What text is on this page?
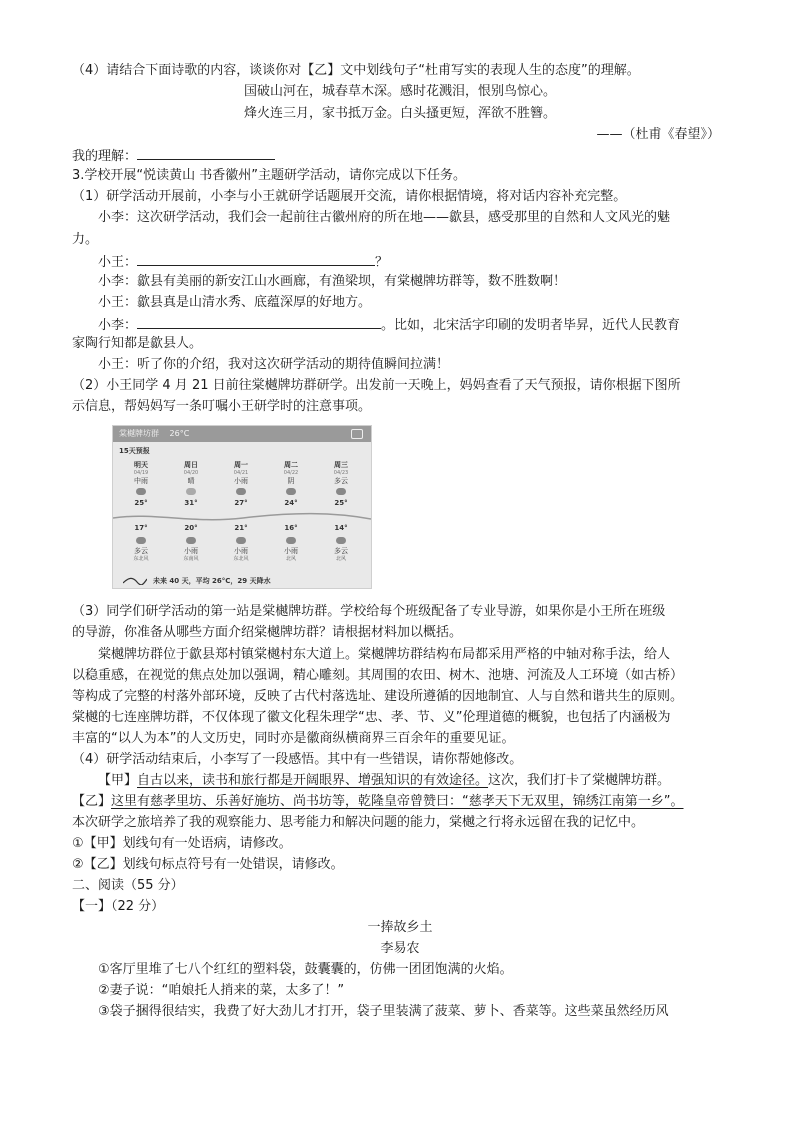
（4）请结合下面诗歌的内容，谈谈你对【乙】文中划线句子“杜甫写实的表现人生的态度”的理解。
国破山河在，城春草木深。感时花溅泪，恨别鸟惊心。
烽火连三月，家书抵万金。白头搔更短，浑欲不胜簪。
——（杜甫《春望》）
我的理解：
3.学校开展“悦读黄山 书香徽州”主题研学活动，请你完成以下任务。
（1）研学活动开展前，小李与小王就研学话题展开交流，请你根据情境，将对话内容补充完整。
小李：这次研学活动，我们会一起前往古徽州府的所在地——歙县，感受那里的自然和人文风光的魅
力。
小王：	？
小李：歙县有美丽的新安江山水画廊，有渔梁坝，有棠樾牌坊群等，数不胜数啊！
小王：歙县真是山清水秀、底蕴深厚的好地方。
小李：	。比如，北宋活字印刷的发明者毕昇，近代人民教育
家陶行知都是歙县人。
小王：听了你的介绍，我对这次研学活动的期待值瞬间拉满！
（2）小王同学 4 月 21 日前往棠樾牌坊群研学。出发前一天晚上，妈妈查看了天气预报，请你根据下图所
示信息，帮妈妈写一条叮嘱小王研学时的注意事项。
棠樾牌坊群 26°C
15天预报
明天
04/19
中雨
25°
17°
多云
东北风
周日
04/20
晴
31°
20°
小雨
东南风
周一
04/21
小雨
27°
21°
小雨
东北风
周二
04/22
阴
24°
16°
小雨
北风
周三
04/23
多云
25°
14°
多云
北风
未来 40 天，平均 26°C，29 天降水
（3）同学们研学活动的第一站是棠樾牌坊群。学校给每个班级配备了专业导游，如果你是小王所在班级
的导游，你准备从哪些方面介绍棠樾牌坊群？请根据材料加以概括。
棠樾牌坊群位于歙县郑村镇棠樾村东大道上。棠樾牌坊群结构布局都采用严格的中轴对称手法，给人
以稳重感，在视觉的焦点处加以强调，精心雕刻。其周围的农田、树木、池塘、河流及人工环境（如古桥）
等构成了完整的村落外部环境，反映了古代村落选址、建设所遵循的因地制宜、人与自然和谐共生的原则。
棠樾的七连座牌坊群，不仅体现了徽文化程朱理学“忠、孝、节、义”伦理道德的概貌，也包括了内涵极为
丰富的“以人为本”的人文历史，同时亦是徽商纵横商界三百余年的重要见证。
（4）研学活动结束后，小李写了一段感悟。其中有一些错误，请你帮她修改。
【甲】自古以来，读书和旅行都是开阔眼界、增强知识的有效途径。这次，我们打卡了棠樾牌坊群。
【乙】这里有慈孝里坊、乐善好施坊、尚书坊等，乾隆皇帝曾赞曰：“慈孝天下无双里，锦绣江南第一乡”。
本次研学之旅培养了我的观察能力、思考能力和解决问题的能力，棠樾之行将永远留在我的记忆中。
①【甲】划线句有一处语病，请修改。
②【乙】划线句标点符号有一处错误，请修改。
二、阅读（55 分）
【一】（22 分）
一捧故乡土
李易农
①客厅里堆了七八个红红的塑料袋，鼓囊囊的，仿佛一团团饱满的火焰。
②妻子说：“咱娘托人捎来的菜，太多了！”
③袋子捆得很结实，我费了好大劲儿才打开，袋子里装满了菠菜、萝卜、香菜等。这些菜虽然经历风
